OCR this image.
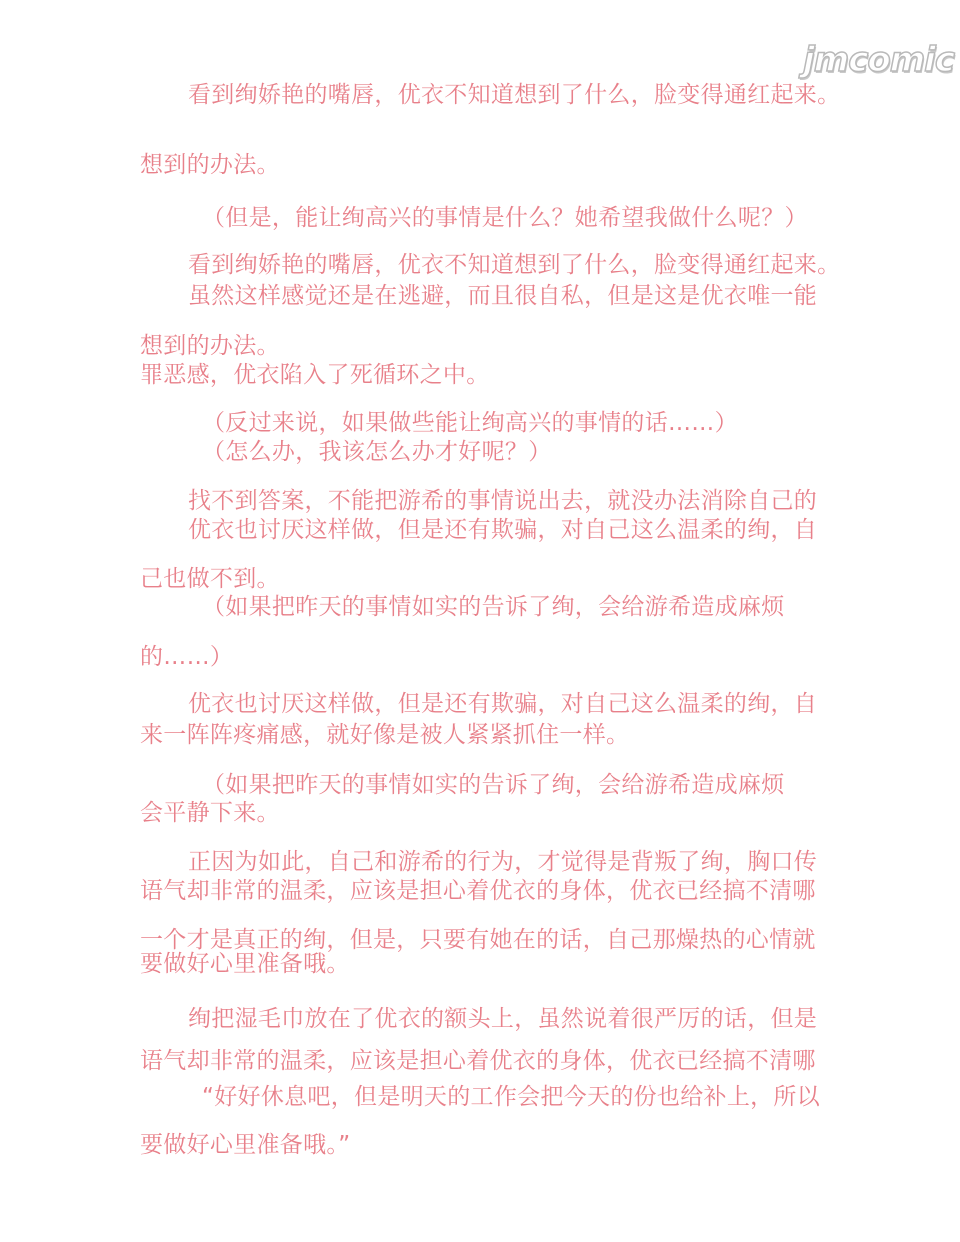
jmcomic
看到绚娇艳的嘴唇，优衣不知道想到了什么，脸变得通红起来。
想到的办法。
（但是，能让绚高兴的事情是什么？她希望我做什么呢？）
看到绚娇艳的嘴唇，优衣不知道想到了什么，脸变得通红起来。
虽然这样感觉还是在逃避，而且很自私，但是这是优衣唯一能
想到的办法。
罪恶感，优衣陷入了死循环之中。
（反过来说，如果做些能让绚高兴的事情的话……）
（怎么办，我该怎么办才好呢？）
找不到答案，不能把游希的事情说出去，就没办法消除自己的
优衣也讨厌这样做，但是还有欺骗，对自己这么温柔的绚，自
己也做不到。
（如果把昨天的事情如实的告诉了绚，会给游希造成麻烦
的……）
优衣也讨厌这样做，但是还有欺骗，对自己这么温柔的绚，自
来一阵阵疼痛感，就好像是被人紧紧抓住一样。
（如果把昨天的事情如实的告诉了绚，会给游希造成麻烦
会平静下来。
正因为如此，自己和游希的行为，才觉得是背叛了绚，胸口传
语气却非常的温柔，应该是担心着优衣的身体，优衣已经搞不清哪
一个才是真正的绚，但是，只要有她在的话，自己那燥热的心情就
要做好心里准备哦。
绚把湿毛巾放在了优衣的额头上，虽然说着很严厉的话，但是
语气却非常的温柔，应该是担心着优衣的身体，优衣已经搞不清哪
“好好休息吧，但是明天的工作会把今天的份也给补上，所以
要做好心里准备哦。”
